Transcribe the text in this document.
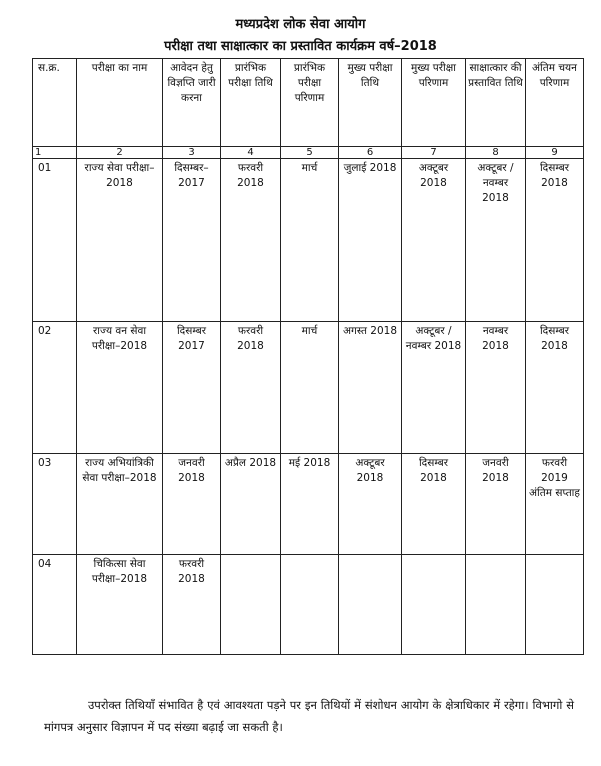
मध्यप्रदेश लोक सेवा आयोग
परीक्षा तथा साक्षात्कार का प्रस्तावित कार्यक्रम वर्ष–2018
स.क्र.	परीक्षा का नाम	आवेदन हेतु विज्ञप्ति जारी करना	प्रारंभिक परीक्षा तिथि	प्रारंभिक परीक्षा परिणाम	मुख्य परीक्षा तिथि	मुख्य परीक्षा परिणाम	साक्षात्कार की प्रस्तावित तिथि	अंतिम चयन परिणाम
1	2	3	4	5	6	7	8	9
01	राज्य सेवा परीक्षा–2018	दिसम्बर–2017	फरवरी 2018	मार्च	जुलाई 2018	अक्टूबर 2018	अक्टूबर / नवम्बर 2018	दिसम्बर 2018
02	राज्य वन सेवा परीक्षा–2018	दिसम्बर 2017	फरवरी 2018	मार्च	अगस्त 2018	अक्टूबर / नवम्बर 2018	नवम्बर 2018	दिसम्बर 2018
03	राज्य अभियांत्रिकी सेवा परीक्षा–2018	जनवरी 2018	अप्रैल 2018	मई 2018	अक्टूबर 2018	दिसम्बर 2018	जनवरी 2018	फरवरी 2019 अंतिम सप्ताह
04	चिकित्सा सेवा परीक्षा–2018	फरवरी 2018						
उपरोक्त तिथियाँ संभावित है एवं आवश्यता पड़ने पर इन तिथियों में संशोधन आयोग के क्षेत्राधिकार में रहेगा। विभागो से मांगपत्र अनुसार विज्ञापन में पद संख्या बढ़ाई जा सकती है।
